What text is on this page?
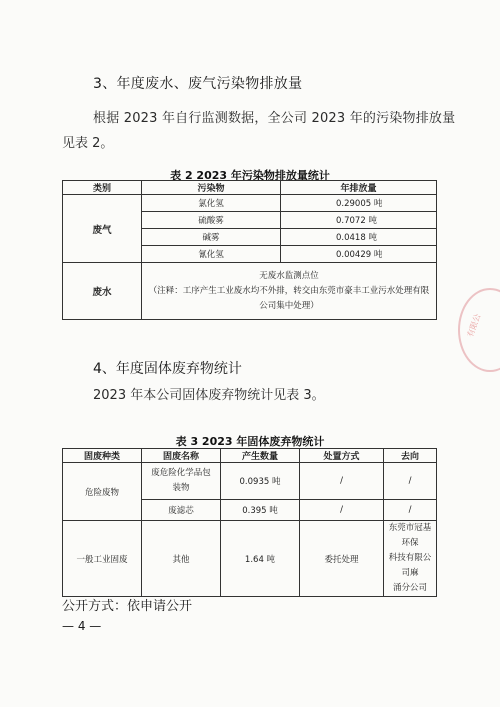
3、年度废水、废气污染物排放量
根据 2023 年自行监测数据，全公司 2023 年的污染物排放量
见表 2。
表 2 2023 年污染物排放量统计
类别	污染物	年排放量
废气	氯化氢	0.29005 吨
	硫酸雾	0.7072 吨
	碱雾	0.0418 吨
	氰化氢	0.00429 吨
废水	无废水监测点位
（注释：工序产生工业废水均不外排，转交由东莞市豪丰工业污水处理有限
公司集中处理）	
有限公
4、年度固体废弃物统计
2023 年本公司固体废弃物统计见表 3。
表 3 2023 年固体废弃物统计
固废种类	固废名称	产生数量	处置方式	去向
危险废物	废危险化学品包
装物	0.0935 吨	/	/
	废滤芯	0.395 吨	/	/
一般工业固废	其他	1.64 吨	委托处理	东莞市冠基环保
科技有限公司麻
涌分公司
公开方式：依申请公开
— 4 —
